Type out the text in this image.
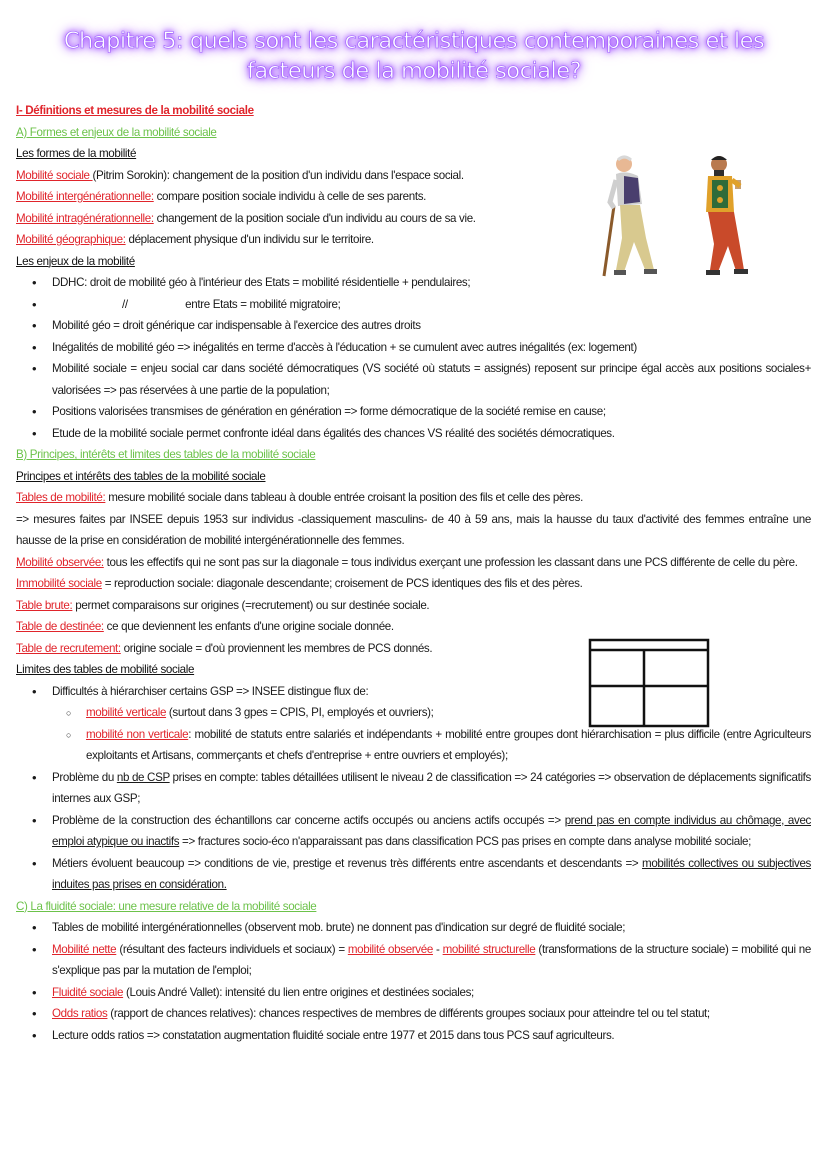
Chapitre 5: quels sont les caractéristiques contemporaines et les facteurs de la mobilité sociale?

I- Définitions et mesures de la mobilité sociale

A) Formes et enjeux de la mobilité sociale

Les formes de la mobilité

Mobilité sociale (Pitrim Sorokin): changement de la position d'un individu dans l'espace social.

Mobilité intergénérationnelle: compare position sociale individu à celle de ses parents.

Mobilité intragénérationnelle: changement de la position sociale d'un individu au cours de sa vie.

Mobilité géographique: déplacement physique d'un individu sur le territoire.

Les enjeux de la mobilité

• DDHC: droit de mobilité géo à l'intérieur des Etats = mobilité résidentielle + pendulaires;
• //                    entre Etats = mobilité migratoire;
• Mobilité géo = droit générique car indispensable à l'exercice des autres droits
• Inégalités de mobilité géo => inégalités en terme d'accès à l'éducation + se cumulent avec autres inégalités (ex: logement)
• Mobilité sociale = enjeu social car dans société démocratiques (VS société où statuts = assignés) reposent sur principe égal accès aux positions sociales+ valorisées => pas réservées à une partie de la population;
• Positions valorisées transmises de génération en génération => forme démocratique de la société remise en cause;
• Etude de la mobilité sociale permet confronte idéal dans égalités des chances VS réalité des sociétés démocratiques.

B) Principes, intérêts et limites des tables de la mobilité sociale

Principes et intérêts des tables de la mobilité sociale

Tables de mobilité: mesure mobilité sociale dans tableau à double entrée croisant la position des fils et celle des pères.

=> mesures faites par INSEE depuis 1953 sur individus -classiquement masculins- de 40 à 59 ans, mais la hausse du taux d'activité des femmes entraîne une hausse de la prise en considération de mobilité intergénérationnelle des femmes.

Mobilité observée: tous les effectifs qui ne sont pas sur la diagonale = tous individus exerçant une profession les classant dans une PCS différente de celle du père.

Immobilité sociale = reproduction sociale: diagonale descendante; croisement de PCS identiques des fils et des pères.

Table brute: permet comparaisons sur origines (=recrutement) ou sur destinée sociale.

Table de destinée: ce que deviennent les enfants d'une origine sociale donnée.

Table de recrutement: origine sociale = d'où proviennent les membres de PCS donnés.

Limites des tables de mobilité sociale

• Difficultés à hiérarchiser certains GSP => INSEE distingue flux de:
○ mobilité verticale (surtout dans 3 gpes = CPIS, PI, employés et ouvriers);
○ mobilité non verticale: mobilité de statuts entre salariés et indépendants + mobilité entre groupes dont hiérarchisation = plus difficile (entre Agriculteurs exploitants et Artisans, commerçants et chefs d'entreprise + entre ouvriers et employés);
• Problème du nb de CSP prises en compte: tables détaillées utilisent le niveau 2 de classification => 24 catégories => observation de déplacements significatifs internes aux GSP;
• Problème de la construction des échantillons car concerne actifs occupés ou anciens actifs occupés => prend pas en compte individus au chômage, avec emploi atypique ou inactifs => fractures socio-éco n'apparaissant pas dans classification PCS pas prises en compte dans analyse mobilité sociale;
• Métiers évoluent beaucoup => conditions de vie, prestige et revenus très différents entre ascendants et descendants => mobilités collectives ou subjectives induites pas prises en considération.

C) La fluidité sociale: une mesure relative de la mobilité sociale

• Tables de mobilité intergénérationnelles (observent mob. brute) ne donnent pas d'indication sur degré de fluidité sociale;
• Mobilité nette (résultant des facteurs individuels et sociaux) = mobilité observée - mobilité structurelle (transformations de la structure sociale) = mobilité qui ne s'explique pas par la mutation de l'emploi;
• Fluidité sociale (Louis André Vallet): intensité du lien entre origines et destinées sociales;
• Odds ratios (rapport de chances relatives): chances respectives de membres de différents groupes sociaux pour atteindre tel ou tel statut;
• Lecture odds ratios => constatation augmentation fluidité sociale entre 1977 et 2015 dans tous PCS sauf agriculteurs.
